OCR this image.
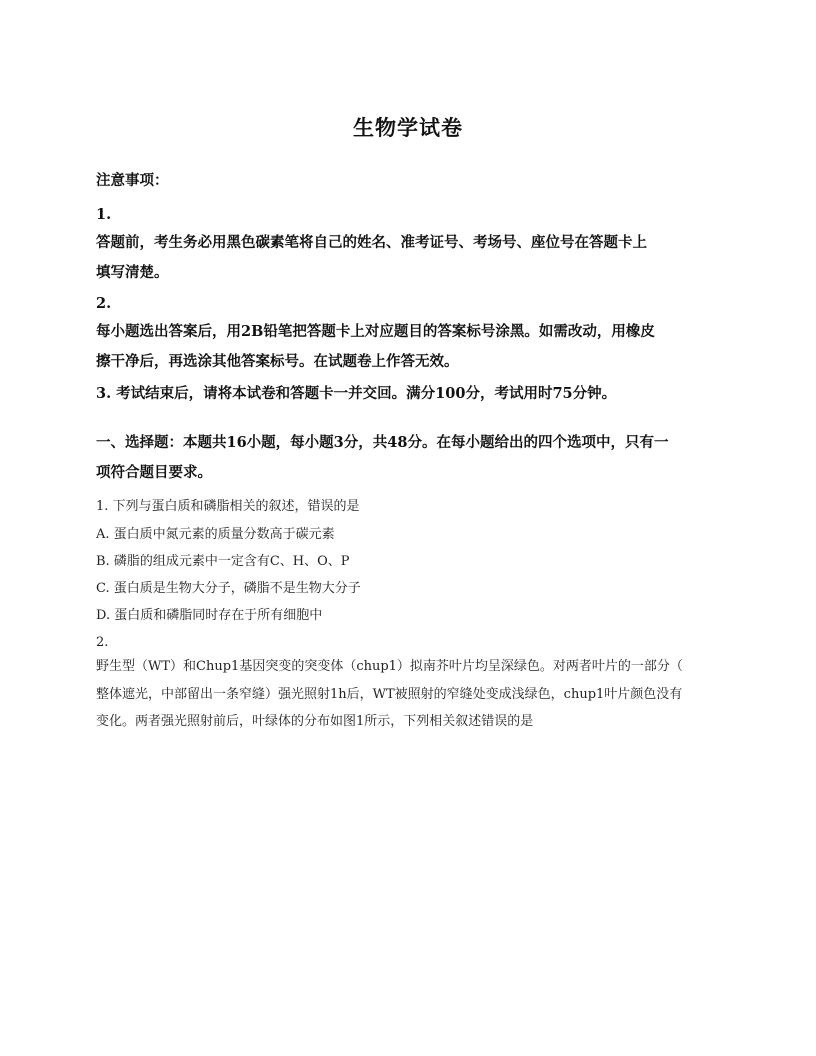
生物学试卷
注意事项：
1.
答题前，考生务必用黑色碳素笔将自己的姓名、准考证号、考场号、座位号在答题卡上
填写清楚。
2.
每小题选出答案后，用2B铅笔把答题卡上对应题目的答案标号涂黑。如需改动，用橡皮
擦干净后，再选涂其他答案标号。在试题卷上作答无效。
3. 考试结束后，请将本试卷和答题卡一并交回。满分100分，考试用时75分钟。
一、选择题：本题共16小题，每小题3分，共48分。在每小题给出的四个选项中，只有一
项符合题目要求。
1. 下列与蛋白质和磷脂相关的叙述，错误的是
A. 蛋白质中氮元素的质量分数高于碳元素
B. 磷脂的组成元素中一定含有C、H、O、P
C. 蛋白质是生物大分子，磷脂不是生物大分子
D. 蛋白质和磷脂同时存在于所有细胞中
2.
野生型（WT）和Chup1基因突变的突变体（chup1）拟南芥叶片均呈深绿色。对两者叶片的一部分（
整体遮光，中部留出一条窄缝）强光照射1h后，WT被照射的窄缝处变成浅绿色，chup1叶片颜色没有
变化。两者强光照射前后，叶绿体的分布如图1所示，下列相关叙述错误的是
